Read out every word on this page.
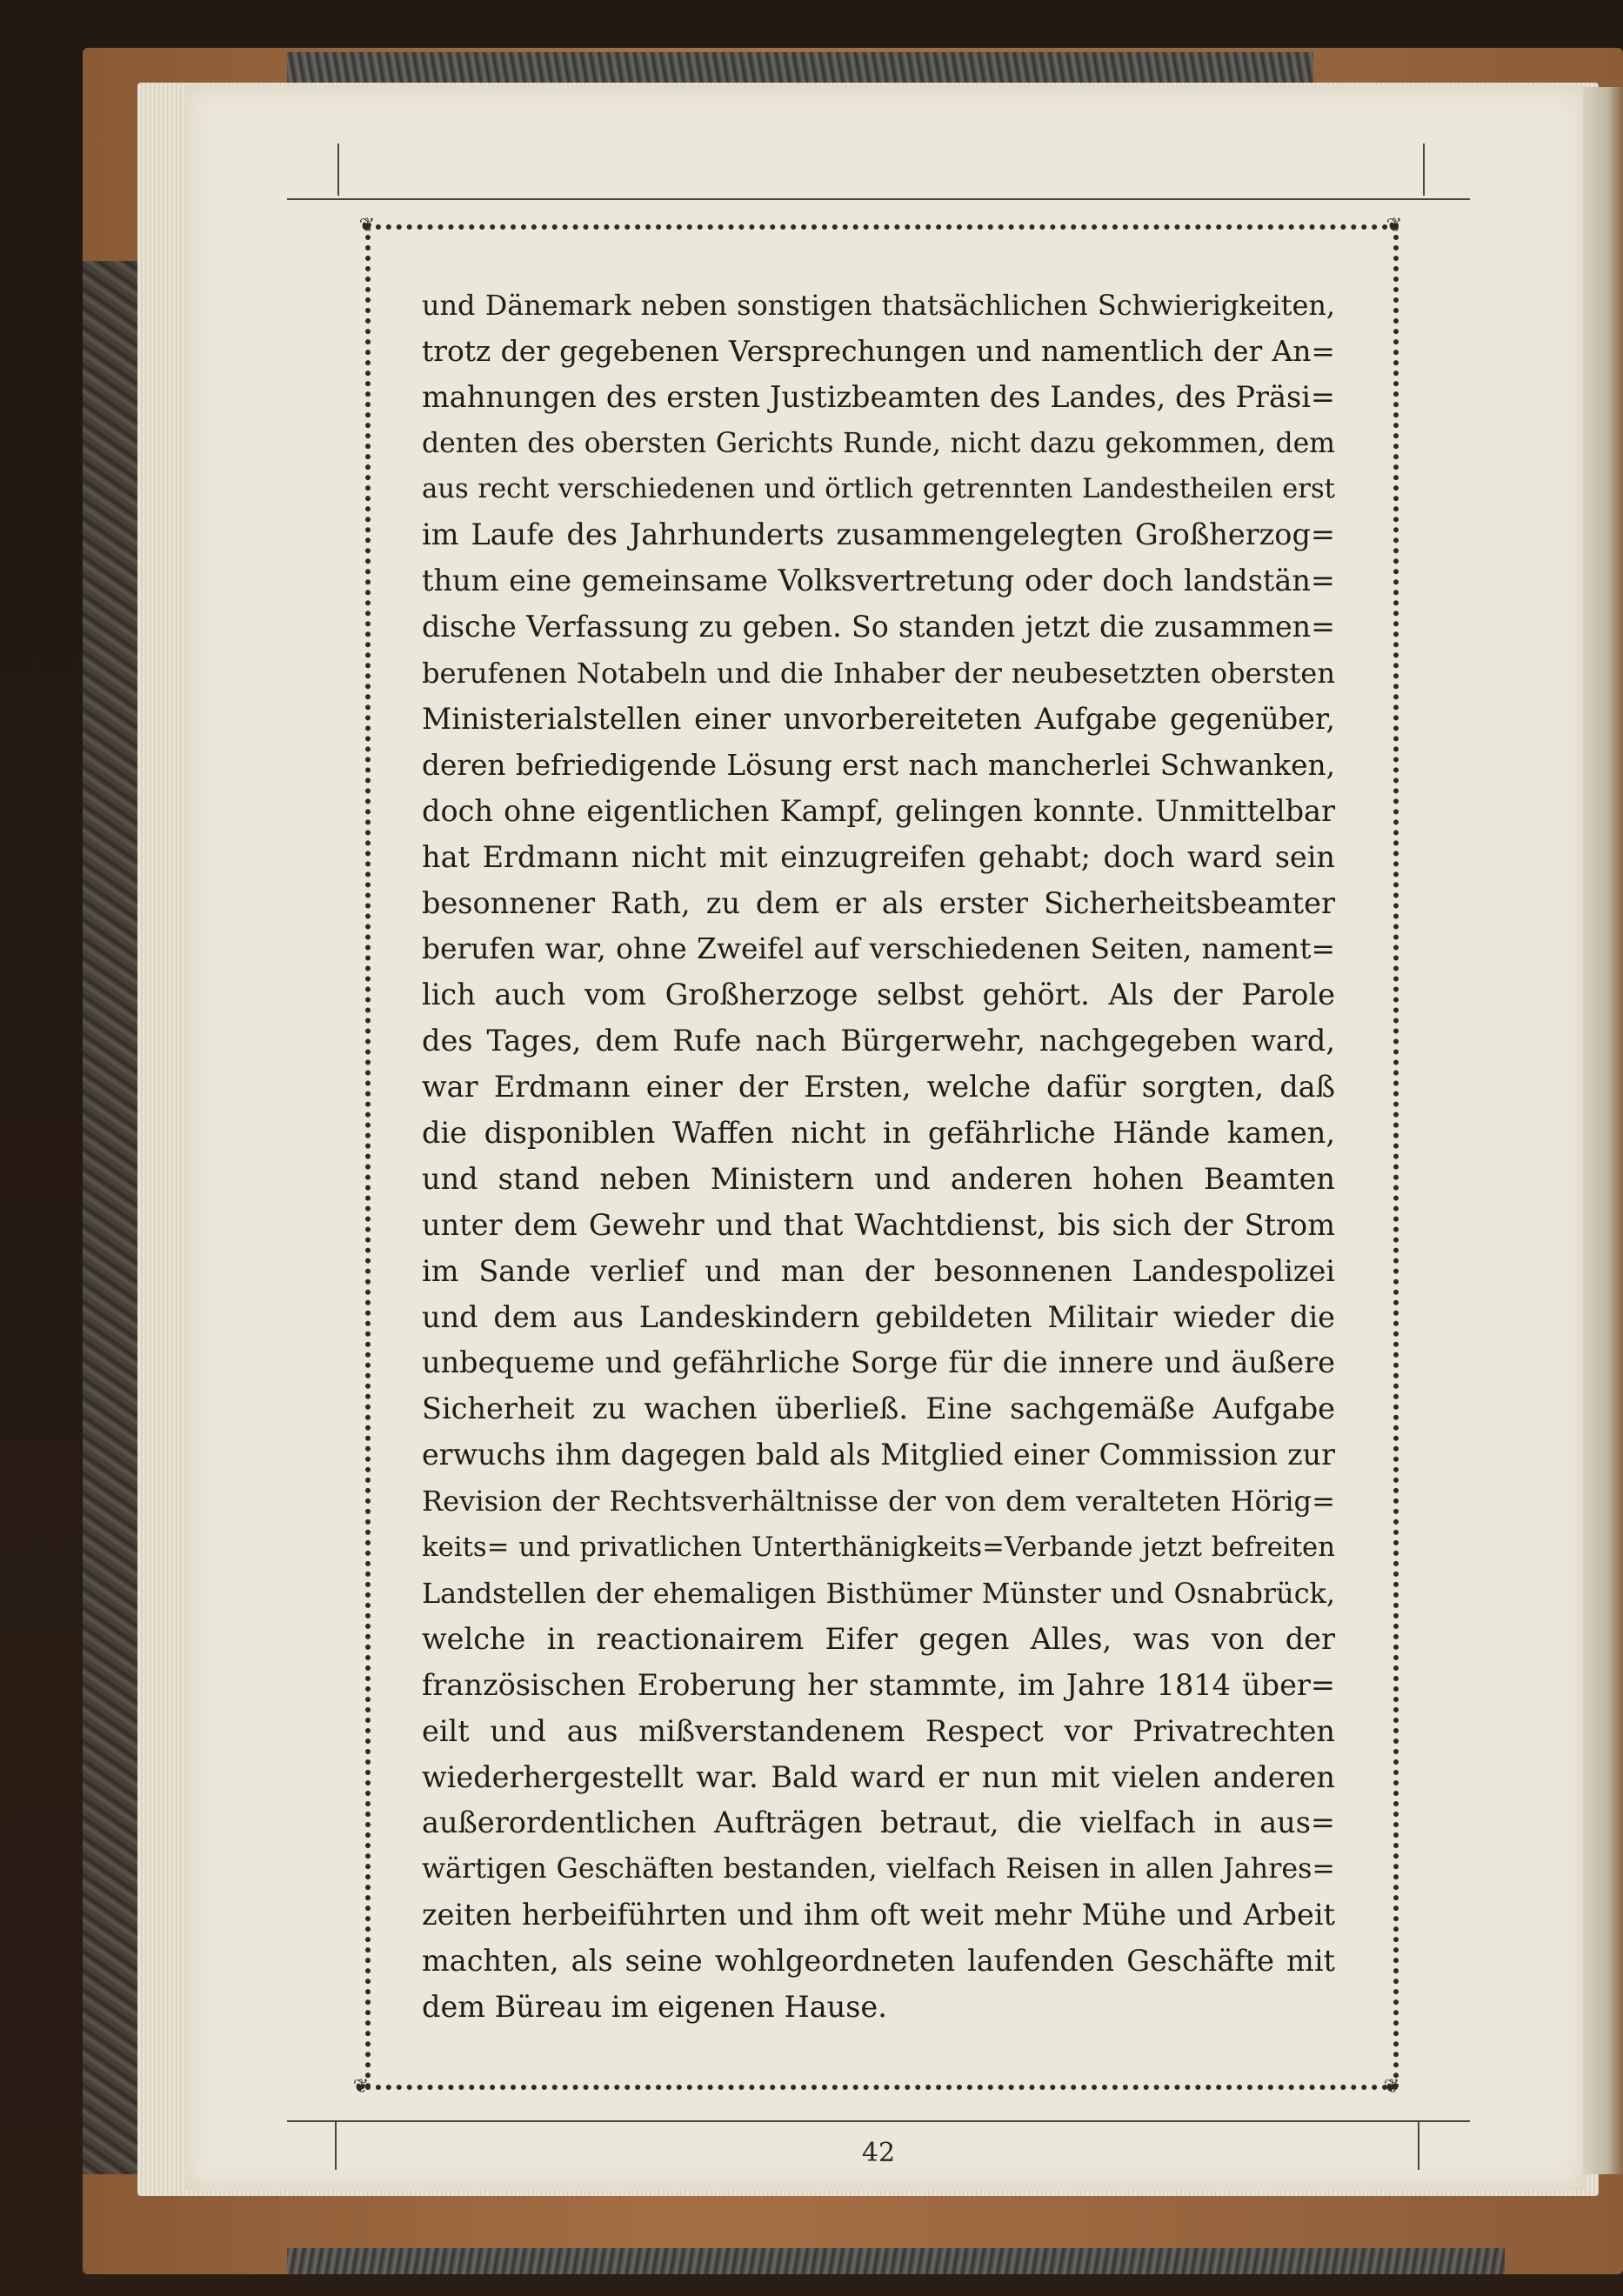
❦	❦
❦	❦
und Dänemark neben sonstigen thatsächlichen Schwierigkeiten,
trotz der gegebenen Versprechungen und namentlich der An=
mahnungen des ersten Justizbeamten des Landes, des Präsi=
denten des obersten Gerichts Runde, nicht dazu gekommen, dem
aus recht verschiedenen und örtlich getrennten Landestheilen erst
im Laufe des Jahrhunderts zusammengelegten Großherzog=
thum eine gemeinsame Volksvertretung oder doch landstän=
dische Verfassung zu geben. So standen jetzt die zusammen=
berufenen Notabeln und die Inhaber der neubesetzten obersten
Ministerialstellen einer unvorbereiteten Aufgabe gegenüber,
deren befriedigende Lösung erst nach mancherlei Schwanken,
doch ohne eigentlichen Kampf, gelingen konnte. Unmittelbar
hat Erdmann nicht mit einzugreifen gehabt; doch ward sein
besonnener Rath, zu dem er als erster Sicherheitsbeamter
berufen war, ohne Zweifel auf verschiedenen Seiten, nament=
lich auch vom Großherzoge selbst gehört. Als der Parole
des Tages, dem Rufe nach Bürgerwehr, nachgegeben ward,
war Erdmann einer der Ersten, welche dafür sorgten, daß
die disponiblen Waffen nicht in gefährliche Hände kamen,
und stand neben Ministern und anderen hohen Beamten
unter dem Gewehr und that Wachtdienst, bis sich der Strom
im Sande verlief und man der besonnenen Landespolizei
und dem aus Landeskindern gebildeten Militair wieder die
unbequeme und gefährliche Sorge für die innere und äußere
Sicherheit zu wachen überließ. Eine sachgemäße Aufgabe
erwuchs ihm dagegen bald als Mitglied einer Commission zur
Revision der Rechtsverhältnisse der von dem veralteten Hörig=
keits= und privatlichen Unterthänigkeits=Verbande jetzt befreiten
Landstellen der ehemaligen Bisthümer Münster und Osnabrück,
welche in reactionairem Eifer gegen Alles, was von der
französischen Eroberung her stammte, im Jahre 1814 über=
eilt und aus mißverstandenem Respect vor Privatrechten
wiederhergestellt war. Bald ward er nun mit vielen anderen
außerordentlichen Aufträgen betraut, die vielfach in aus=
wärtigen Geschäften bestanden, vielfach Reisen in allen Jahres=
zeiten herbeiführten und ihm oft weit mehr Mühe und Arbeit
machten, als seine wohlgeordneten laufenden Geschäfte mit
dem Büreau im eigenen Hause.
42
